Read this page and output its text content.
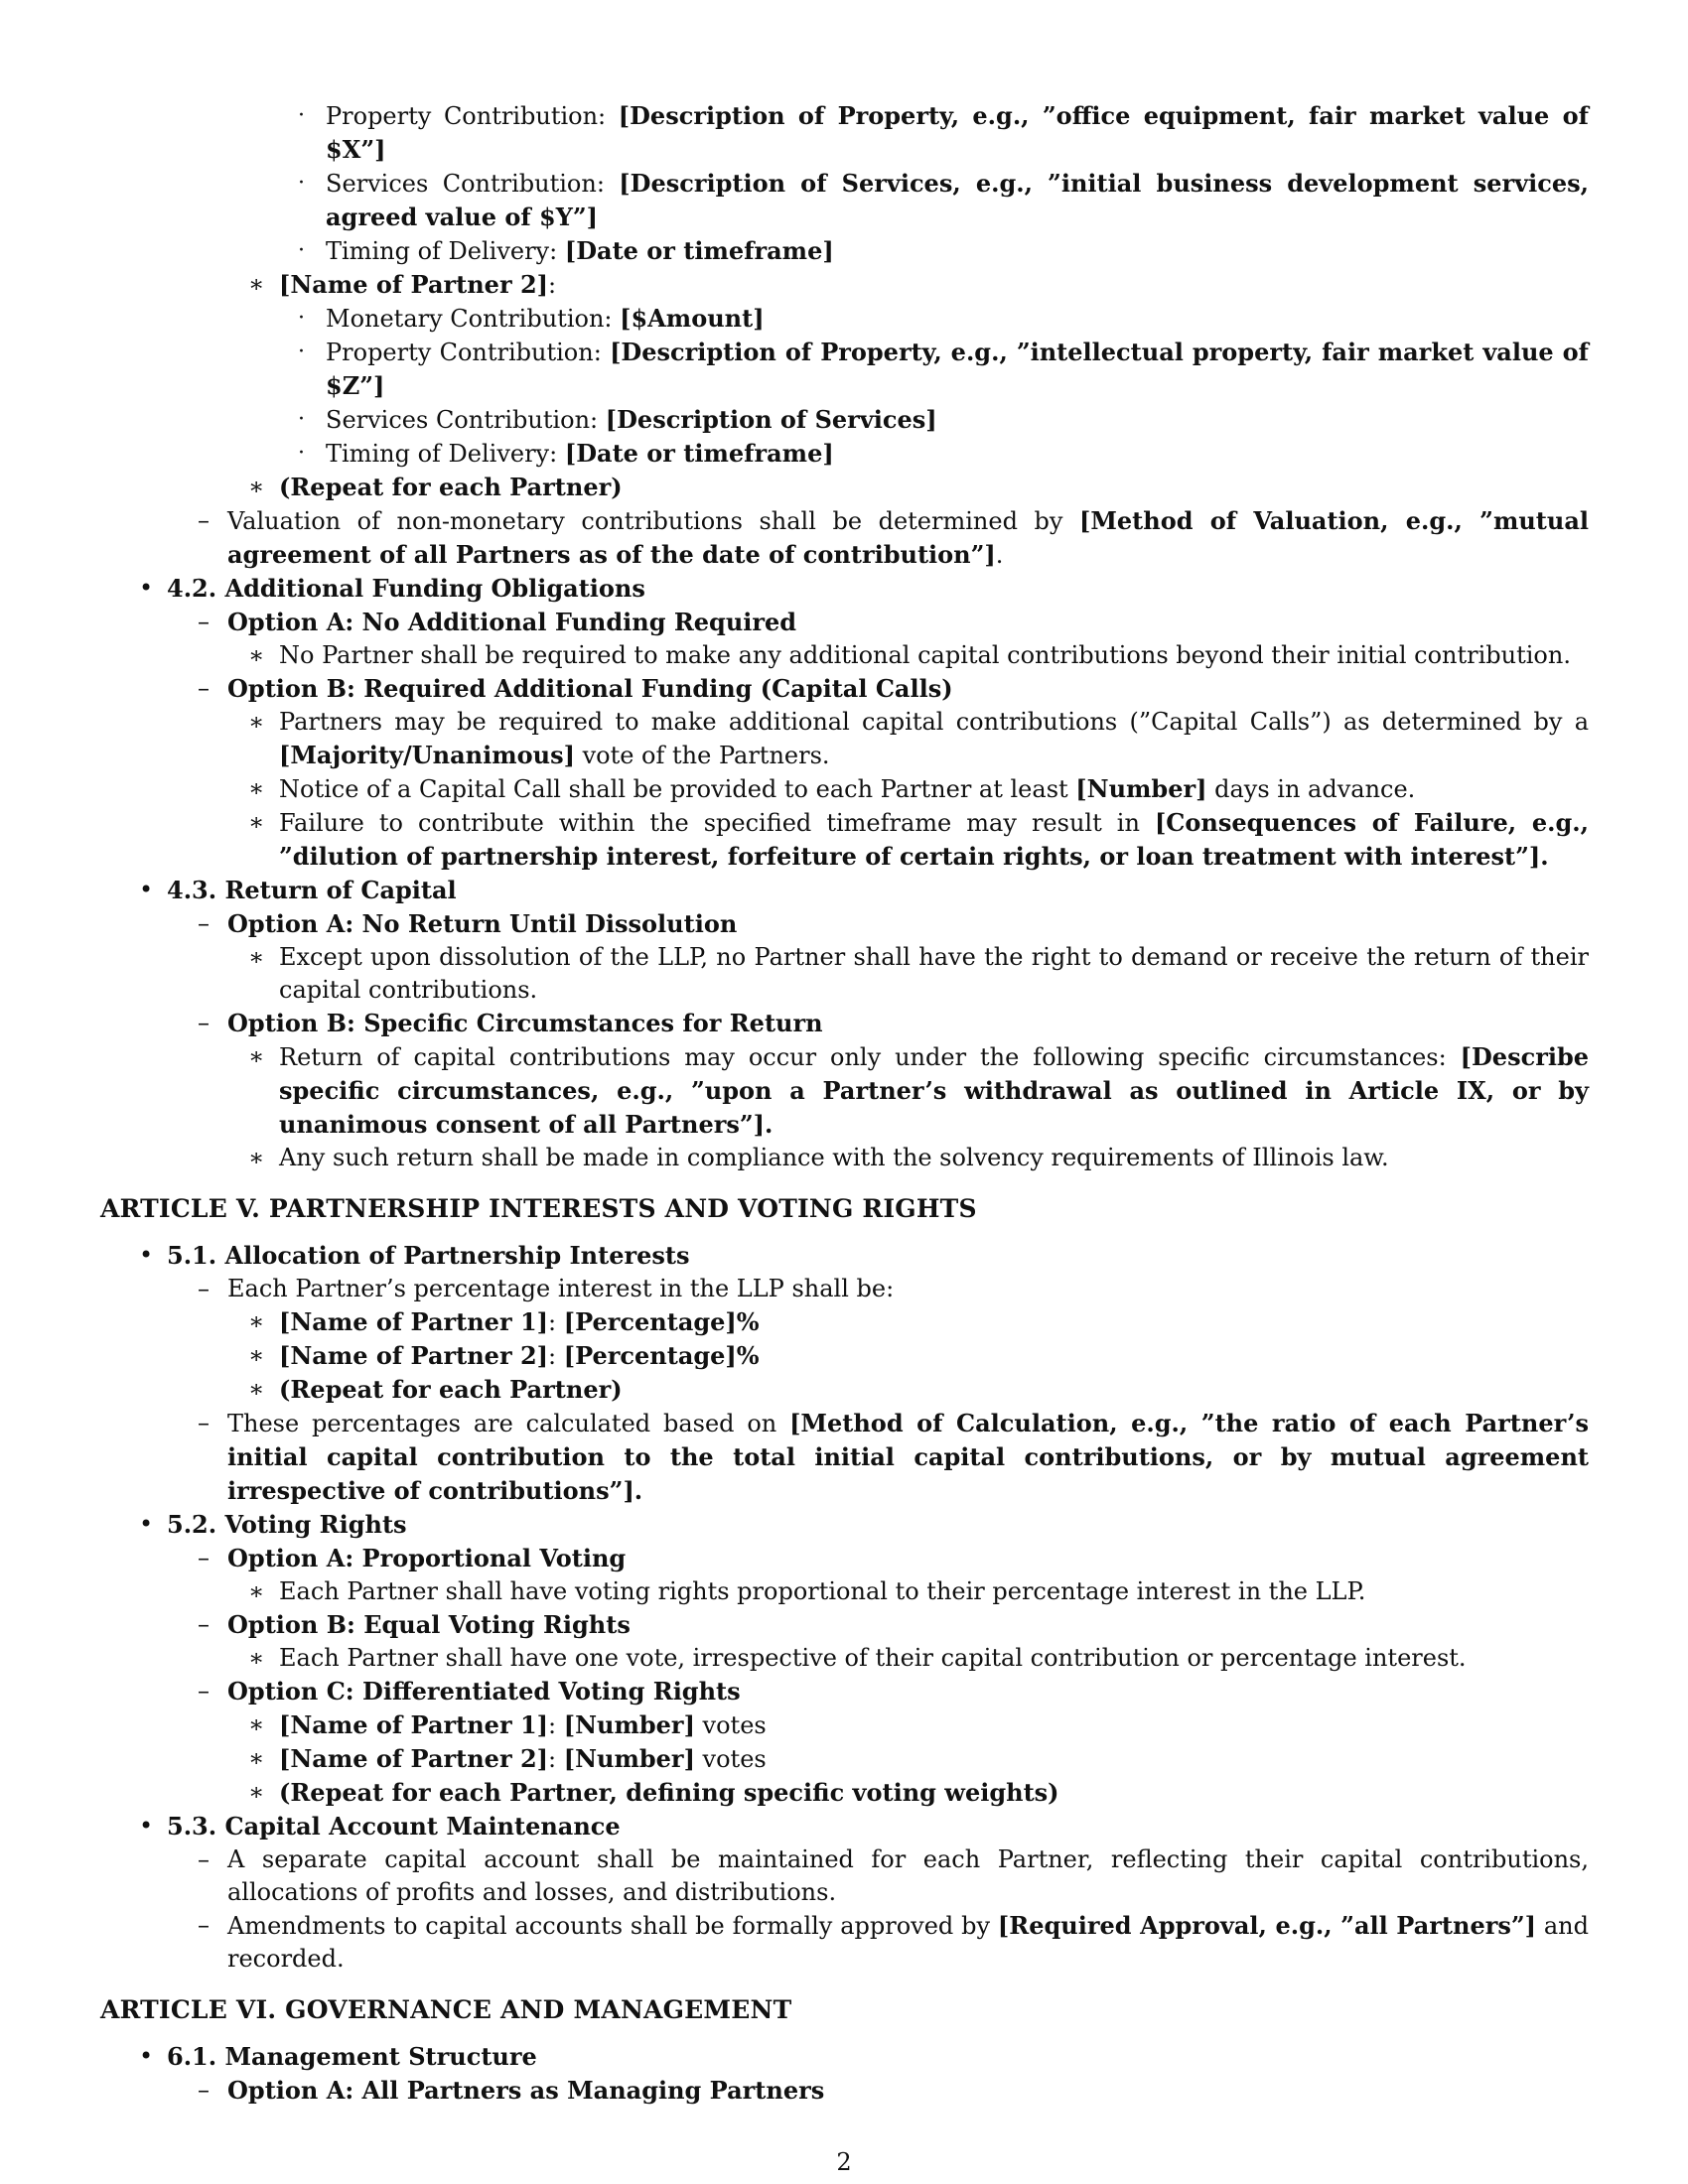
· Property Contribution: [Description of Property, e.g., ”office equipment, fair market value of $X”]

· Services Contribution: [Description of Services, e.g., ”initial business development services, agreed value of $Y”]

· Timing of Delivery: [Date or timeframe]

∗ [Name of Partner 2]:

· Monetary Contribution: [$Amount]

· Property Contribution: [Description of Property, e.g., ”intellectual property, fair market value of $Z”]

· Services Contribution: [Description of Services]

· Timing of Delivery: [Date or timeframe]

∗ (Repeat for each Partner)

– Valuation of non-monetary contributions shall be determined by [Method of Valuation, e.g., ”mutual agreement of all Partners as of the date of contribution”].

• 4.2. Additional Funding Obligations

– Option A: No Additional Funding Required

∗ No Partner shall be required to make any additional capital contributions beyond their initial contribution.

– Option B: Required Additional Funding (Capital Calls)

∗ Partners may be required to make additional capital contributions (”Capital Calls”) as determined by a [Majority/Unanimous] vote of the Partners.

∗ Notice of a Capital Call shall be provided to each Partner at least [Number] days in advance.

∗ Failure to contribute within the specified timeframe may result in [Consequences of Failure, e.g., ”dilution of partnership interest, forfeiture of certain rights, or loan treatment with interest”].

• 4.3. Return of Capital

– Option A: No Return Until Dissolution

∗ Except upon dissolution of the LLP, no Partner shall have the right to demand or receive the return of their capital contributions.

– Option B: Specific Circumstances for Return

∗ Return of capital contributions may occur only under the following specific circumstances: [Describe specific circumstances, e.g., ”upon a Partner’s withdrawal as outlined in Article IX, or by unanimous consent of all Partners”].

∗ Any such return shall be made in compliance with the solvency requirements of Illinois law.

ARTICLE V. PARTNERSHIP INTERESTS AND VOTING RIGHTS

• 5.1. Allocation of Partnership Interests

– Each Partner’s percentage interest in the LLP shall be:

∗ [Name of Partner 1]: [Percentage]%

∗ [Name of Partner 2]: [Percentage]%

∗ (Repeat for each Partner)

– These percentages are calculated based on [Method of Calculation, e.g., ”the ratio of each Partner’s initial capital contribution to the total initial capital contributions, or by mutual agreement irrespective of contributions”].

• 5.2. Voting Rights

– Option A: Proportional Voting

∗ Each Partner shall have voting rights proportional to their percentage interest in the LLP.

– Option B: Equal Voting Rights

∗ Each Partner shall have one vote, irrespective of their capital contribution or percentage interest.

– Option C: Differentiated Voting Rights

∗ [Name of Partner 1]: [Number] votes

∗ [Name of Partner 2]: [Number] votes

∗ (Repeat for each Partner, defining specific voting weights)

• 5.3. Capital Account Maintenance

– A separate capital account shall be maintained for each Partner, reflecting their capital contributions, allocations of profits and losses, and distributions.

– Amendments to capital accounts shall be formally approved by [Required Approval, e.g., ”all Partners”] and recorded.

ARTICLE VI. GOVERNANCE AND MANAGEMENT

• 6.1. Management Structure

– Option A: All Partners as Managing Partners

2
